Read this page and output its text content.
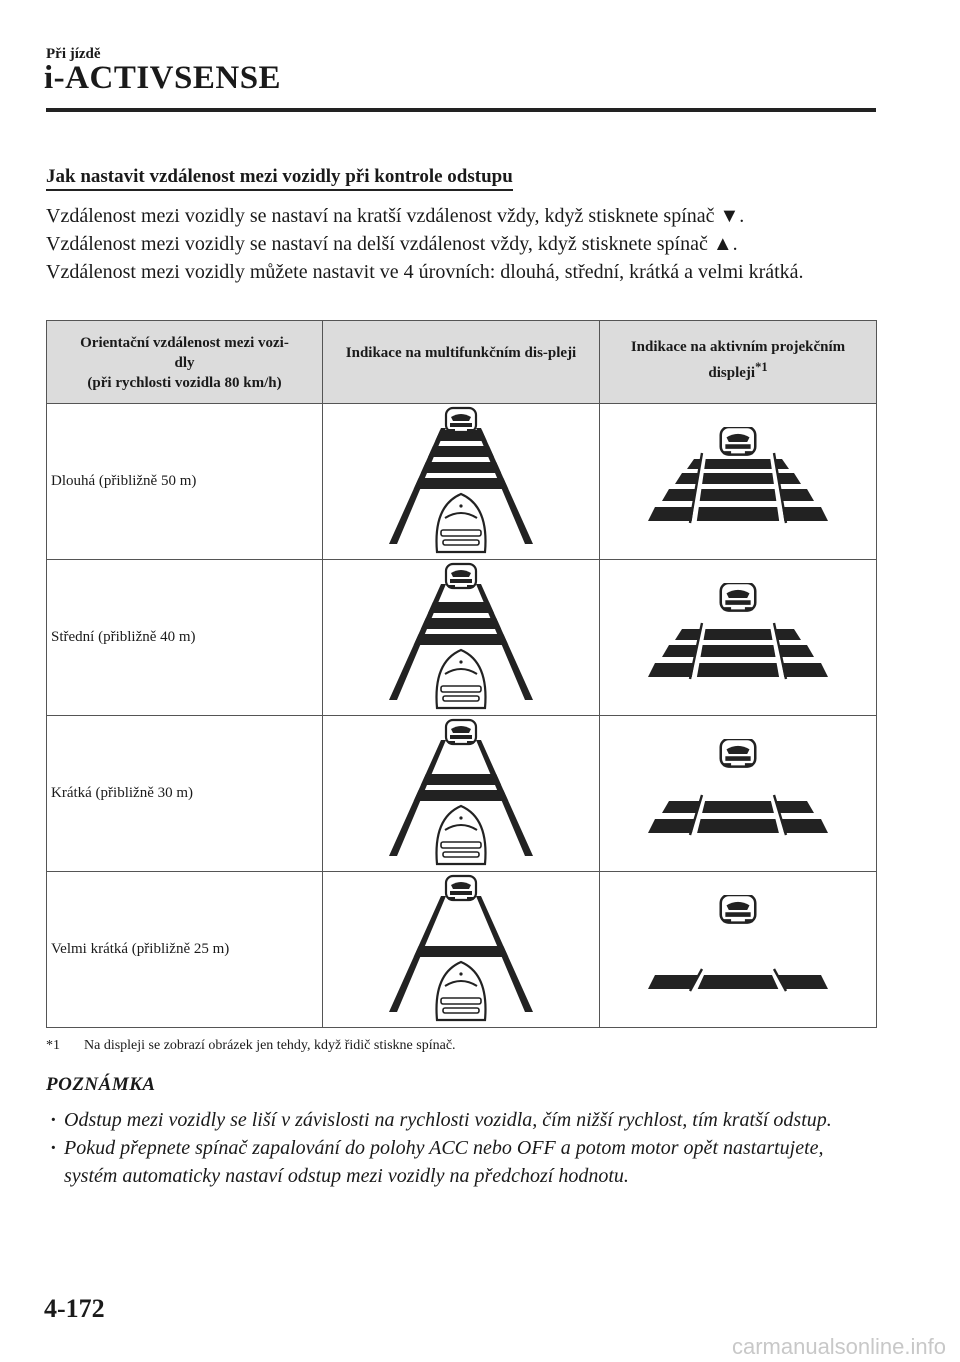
Při jízdě
i-ACTIVSENSE
Jak nastavit vzdálenost mezi vozidly při kontrole odstupu

Vzdálenost mezi vozidly se nastaví na kratší vzdálenost vždy, když stisknete spínač ▼.

Vzdálenost mezi vozidly se nastaví na delší vzdálenost vždy, když stisknete spínač ▲.

Vzdálenost mezi vozidly můžete nastavit ve 4 úrovních: dlouhá, střední, krátká a velmi krátká.

Orientační vzdálenost mezi vozi-
dly
(při rychlosti vozidla 80 km/h)	Indikace na multifunkčním dis-pleji	Indikace na aktivním projekčním displeji$^{*1}$
Dlouhá (přibližně 50 m)	

Střední (přibližně 40 m)	

Krátká (přibližně 30 m)	

Velmi krátká (přibližně 25 m)	

*1 Na displeji se zobrazí obrázek jen tehdy, když řidič stiskne spínač.
POZNÁMKA
· Odstup mezi vozidly se liší v závislosti na rychlosti vozidla, čím nižší rychlost, tím kratší odstup.
· Pokud přepnete spínač zapalování do polohy ACC nebo OFF a potom motor opět nastartujete, systém automaticky nastaví odstup mezi vozidly na předchozí hodnotu.
4-172
carmanualsonline.info
